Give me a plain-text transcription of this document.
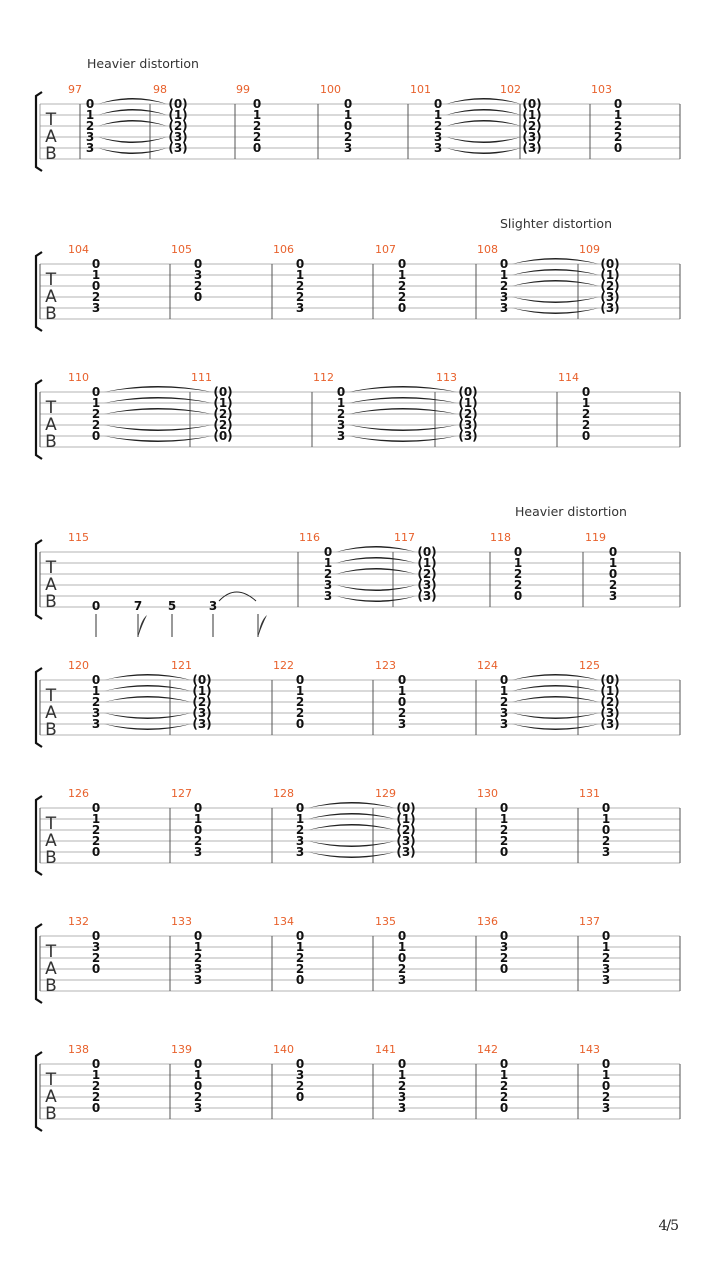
Heavier distortion
T
A
B
97
0
1
2
3
3
98
(0)
(1)
(2)
(3)
(3)
99
0
1
2
2
0
100
0
1
0
2
3
101
0
1
2
3
3
102
(0)
(1)
(2)
(3)
(3)
103
0
1
2
2
0
Slighter distortion
T
A
B
104
0
1
0
2
3
105
0
3
2
0
106
0
1
2
2
3
107
0
1
2
2
0
108
0
1
2
3
3
109
(0)
(1)
(2)
(3)
(3)
T
A
B
110
0
1
2
2
0
111
(0)
(1)
(2)
(2)
(0)
112
0
1
2
3
3
113
(0)
(1)
(2)
(3)
(3)
114
0
1
2
2
0
Heavier distortion
T
A
B
115
0	7 5	3
116
0
1
2
3
3
117
(0)
(1)
(2)
(3)
(3)
118
0
1
2
2
0
119
0
1
0
2
3
T
A
B
120
0
1
2
3
3
121
(0)
(1)
(2)
(3)
(3)
122
0
1
2
2
0
123
0
1
0
2
3
124
0
1
2
3
3
125
(0)
(1)
(2)
(3)
(3)
T
A
B
126
0
1
2
2
0
127
0
1
0
2
3
128
0
1
2
3
3
129
(0)
(1)
(2)
(3)
(3)
130
0
1
2
2
0
131
0
1
0
2
3
T
A
B
132
0
3
2
0
133
0
1
2
3
3
134
0
1
2
2
0
135
0
1
0
2
3
136
0
3
2
0
137
0
1
2
3
3
T
A
B
138
0
1
2
2
0
139
0
1
0
2
3
140
0
3
2
0
141
0
1
2
3
3
142
0
1
2
2
0
143
0
1
0
2
3
4/5
